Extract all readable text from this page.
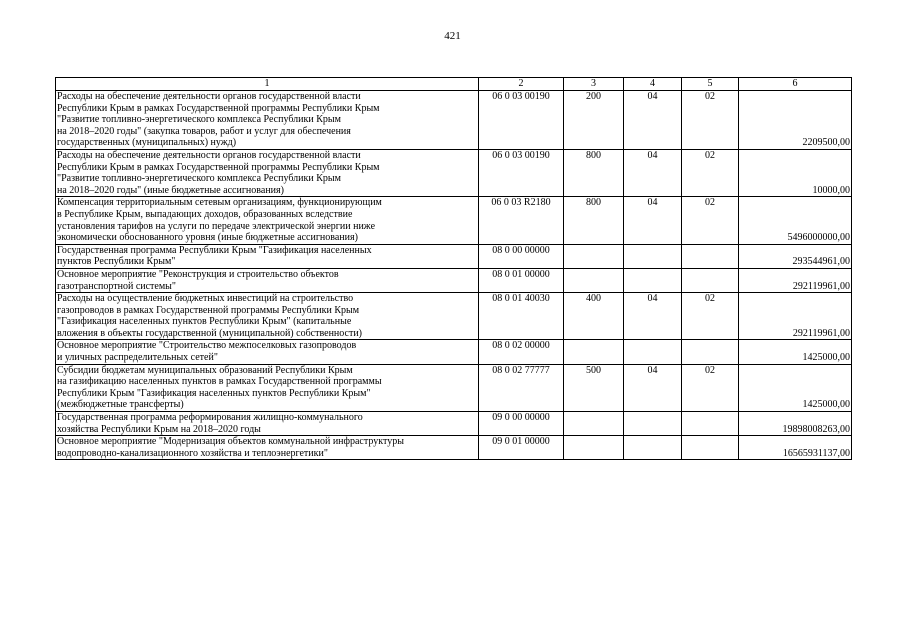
421
1	2	3	4	5	6

Расходы на обеспечение деятельности органов государственной власти
Республики Крым в рамках Государственной программы Республики Крым
"Развитие топливно-энергетического комплекса Республики Крым
на 2018–2020 годы" (закупка товаров, работ и услуг для обеспечения
государственных (муниципальных) нужд)	06 0 03 00190	200	04	02	2209500,00

Расходы на обеспечение деятельности органов государственной власти
Республики Крым в рамках Государственной программы Республики Крым
"Развитие топливно-энергетического комплекса Республики Крым
на 2018–2020 годы" (иные бюджетные ассигнования)	06 0 03 00190	800	04	02	10000,00

Компенсация территориальным сетевым организациям, функционирующим
в Республике Крым, выпадающих доходов, образованных вследствие
установления тарифов на услуги по передаче электрической энергии ниже
экономически обоснованного уровня (иные бюджетные ассигнования)	06 0 03 R2180	800	04	02	5496000000,00

Государственная программа Республики Крым "Газификация населенных
пунктов Республики Крым"	08 0 00 00000				293544961,00

Основное мероприятие "Реконструкция и строительство объектов
газотранспортной системы"	08 0 01 00000				292119961,00

Расходы на осуществление бюджетных инвестиций на строительство
газопроводов в рамках Государственной программы Республики Крым
"Газификация населенных пунктов Республики Крым" (капитальные
вложения в объекты государственной (муниципальной) собственности)	08 0 01 40030	400	04	02	292119961,00

Основное мероприятие "Строительство межпоселковых газопроводов
и уличных распределительных сетей"	08 0 02 00000				1425000,00

Субсидии бюджетам муниципальных образований Республики Крым
на газификацию населенных пунктов в рамках Государственной программы
Республики Крым "Газификация населенных пунктов Республики Крым"
(межбюджетные трансферты)	08 0 02 77777	500	04	02	1425000,00

Государственная программа реформирования жилищно-коммунального
хозяйства Республики Крым на 2018–2020 годы	09 0 00 00000				19898008263,00

Основное мероприятие "Модернизация объектов коммунальной инфраструктуры
водопроводно-канализационного хозяйства и теплоэнергетики"	09 0 01 00000				16565931137,00
